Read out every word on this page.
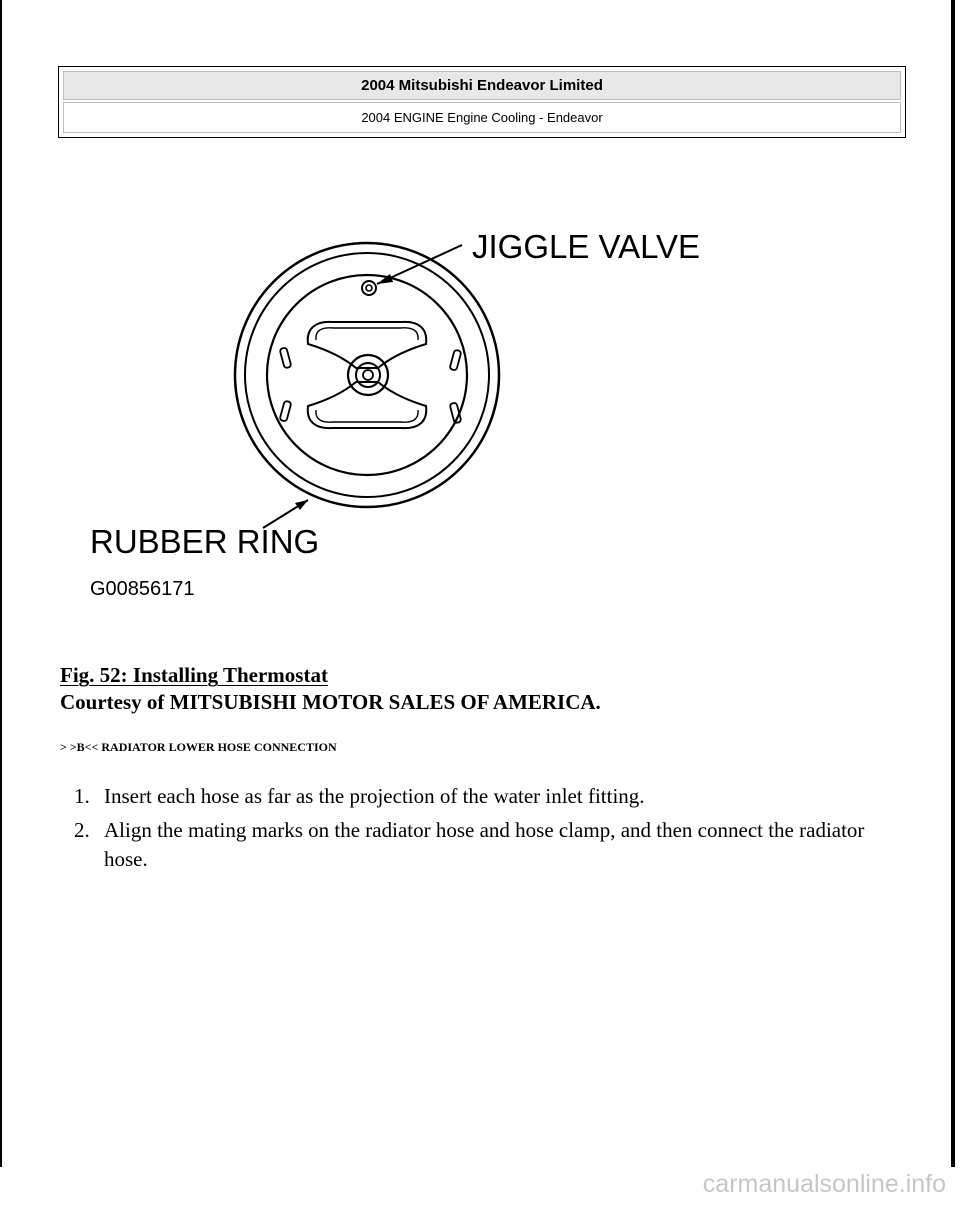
2004 Mitsubishi Endeavor Limited
2004 ENGINE Engine Cooling - Endeavor
JIGGLE VALVE
RUBBER RING
G00856171
Fig. 52: Installing Thermostat
Courtesy of MITSUBISHI MOTOR SALES OF AMERICA.
> >B<< RADIATOR LOWER HOSE CONNECTION
1. Insert each hose as far as the projection of the water inlet fitting.
2. Align the mating marks on the radiator hose and hose clamp, and then connect the radiator hose.
carmanualsonline.info
